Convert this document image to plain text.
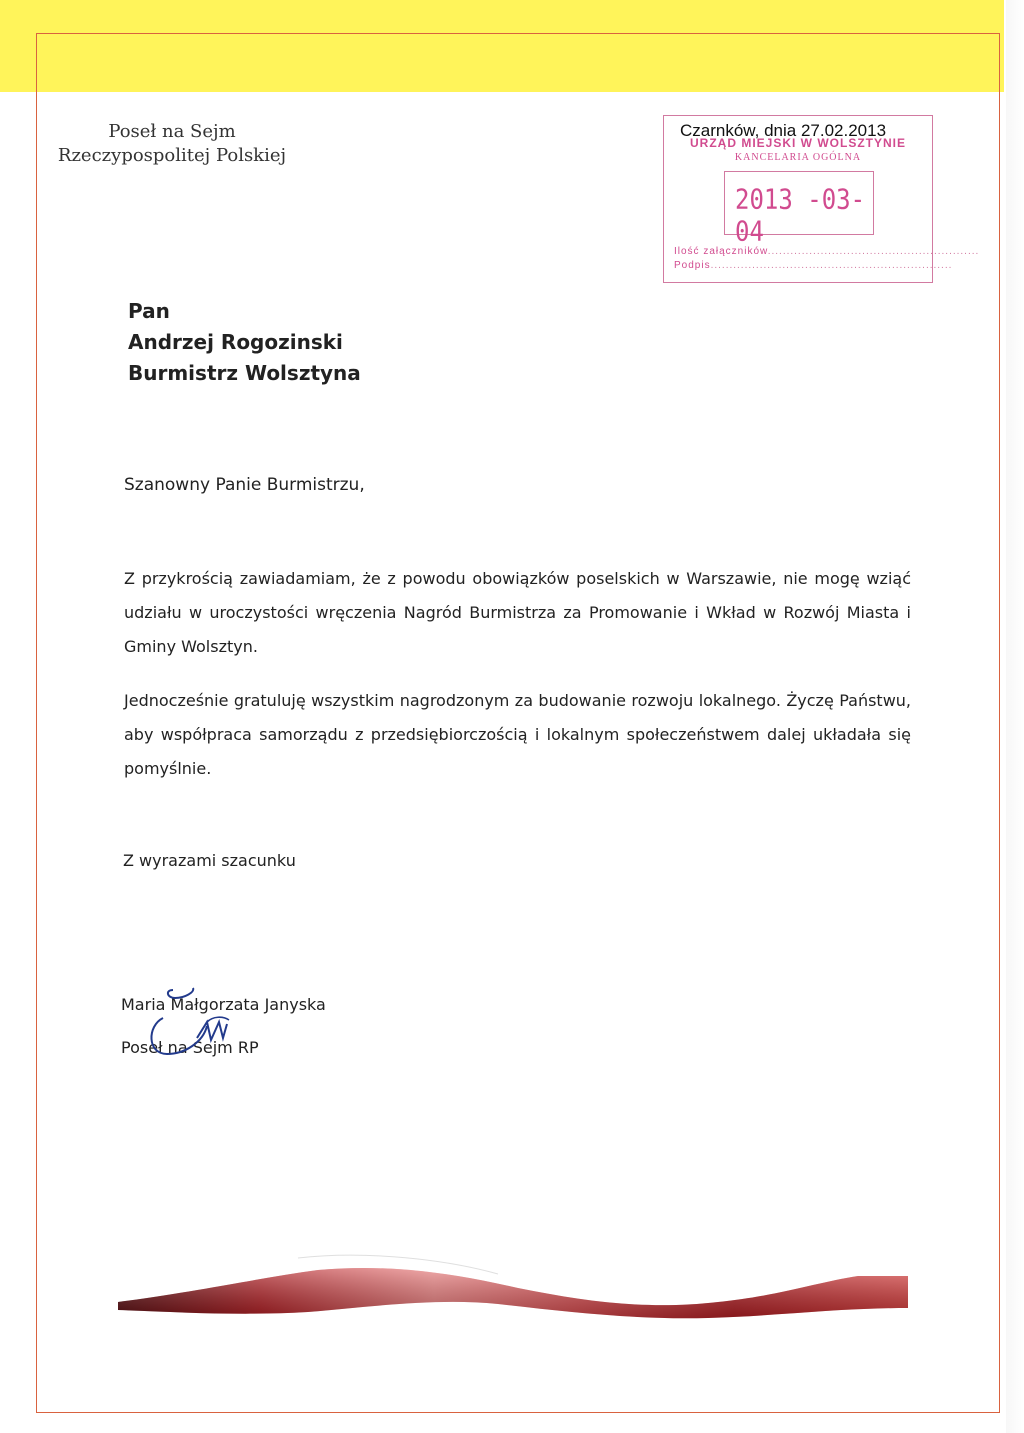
Poseł na Sejm
Rzeczypospolitej Polskiej
URZĄD MIEJSKI W WOLSZTYNIE
KANCELARIA OGÓLNA
2013 -03- 04
Ilość załączników........................................................
Podpis................................................................
Czarnków, dnia 27.02.2013
Pan
Andrzej Rogozinski
Burmistrz Wolsztyna
Szanowny Panie Burmistrzu,
Z przykrością zawiadamiam, że z powodu obowiązków poselskich w Warszawie, nie mogę wziąć udziału w uroczystości wręczenia Nagród Burmistrza za Promowanie i Wkład w Rozwój Miasta i Gminy Wolsztyn.
Jednocześnie gratuluję wszystkim nagrodzonym za budowanie rozwoju lokalnego. Życzę Państwu, aby współpraca samorządu z przedsiębiorczością i lokalnym społeczeństwem dalej układała się pomyślnie.
Z wyrazami szacunku
Maria Małgorzata Janyska
Poseł na Sejm RP
